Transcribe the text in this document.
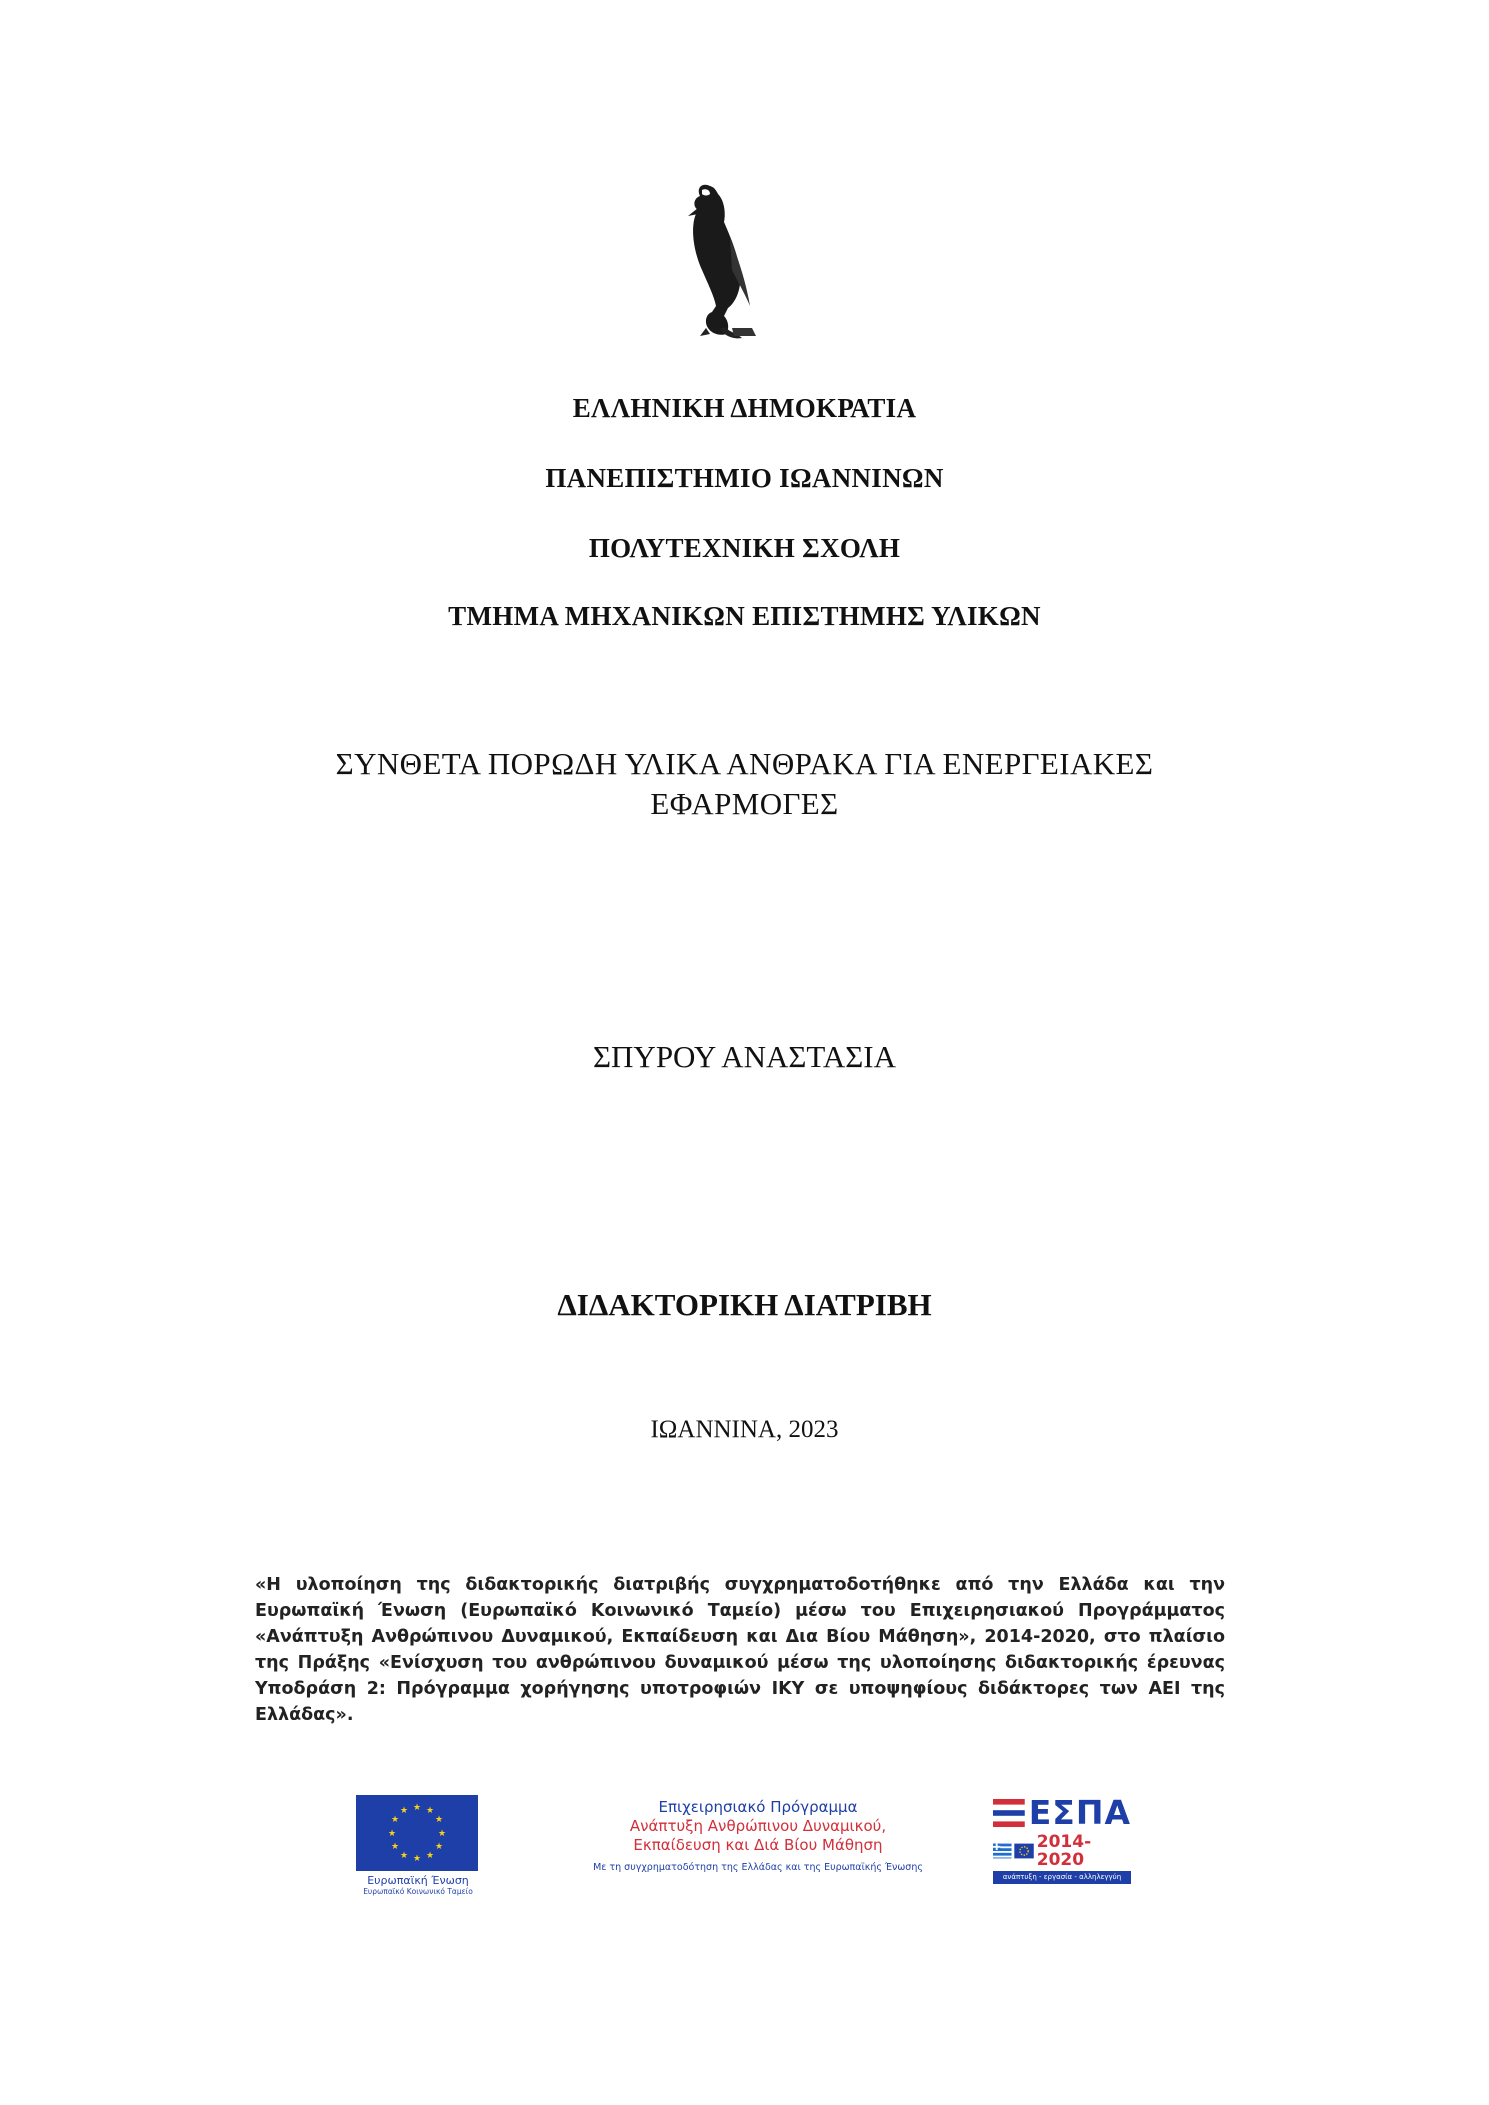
ΕΛΛΗΝΙΚΗ ΔΗΜΟΚΡΑΤΙΑ
ΠΑΝΕΠΙΣΤΗΜΙΟ ΙΩΑΝΝΙΝΩΝ
ΠΟΛΥΤΕΧΝΙΚΗ ΣΧΟΛΗ
ΤΜΗΜΑ ΜΗΧΑΝΙΚΩΝ ΕΠΙΣΤΗΜΗΣ ΥΛΙΚΩΝ
ΣΥΝΘΕΤΑ ΠΟΡΩΔΗ ΥΛΙΚΑ ΑΝΘΡΑΚΑ ΓΙΑ ΕΝΕΡΓΕΙΑΚΕΣ
ΕΦΑΡΜΟΓΕΣ
ΣΠΥΡΟΥ ΑΝΑΣΤΑΣΙΑ
ΔΙΔΑΚΤΟΡΙΚΗ ΔΙΑΤΡΙΒΗ
ΙΩΑΝΝΙΝΑ, 2023
«Η υλοποίηση της διδακτορικής διατριβής συγχρηματοδοτήθηκε από την Ελλάδα και την Ευρωπαϊκή Ένωση (Ευρωπαϊκό Κοινωνικό Ταμείο) μέσω του Επιχειρησιακού Προγράμματος «Ανάπτυξη Ανθρώπινου Δυναμικού, Εκπαίδευση και Δια Βίου Μάθηση», 2014-2020, στο πλαίσιο της Πράξης «Ενίσχυση του ανθρώπινου δυναμικού μέσω της υλοποίησης διδακτορικής έρευνας Υποδράση 2: Πρόγραμμα χορήγησης υποτροφιών ΙΚΥ σε υποψηφίους διδάκτορες των ΑΕΙ της Ελλάδας».
★ ★
★
★
★
★
★
★
★
★
★
★
Ευρωπαϊκή Ένωση
Ευρωπαϊκό Κοινωνικό Ταμείο
Επιχειρησιακό Πρόγραμμα
Ανάπτυξη Ανθρώπινου Δυναμικού,
Εκπαίδευση και Διά Βίου Μάθηση
Με τη συγχρηματοδότηση της Ελλάδας και της Ευρωπαϊκής Ένωσης
ΕΣΠΑ
2014-2020
ανάπτυξη - εργασία - αλληλεγγύη
